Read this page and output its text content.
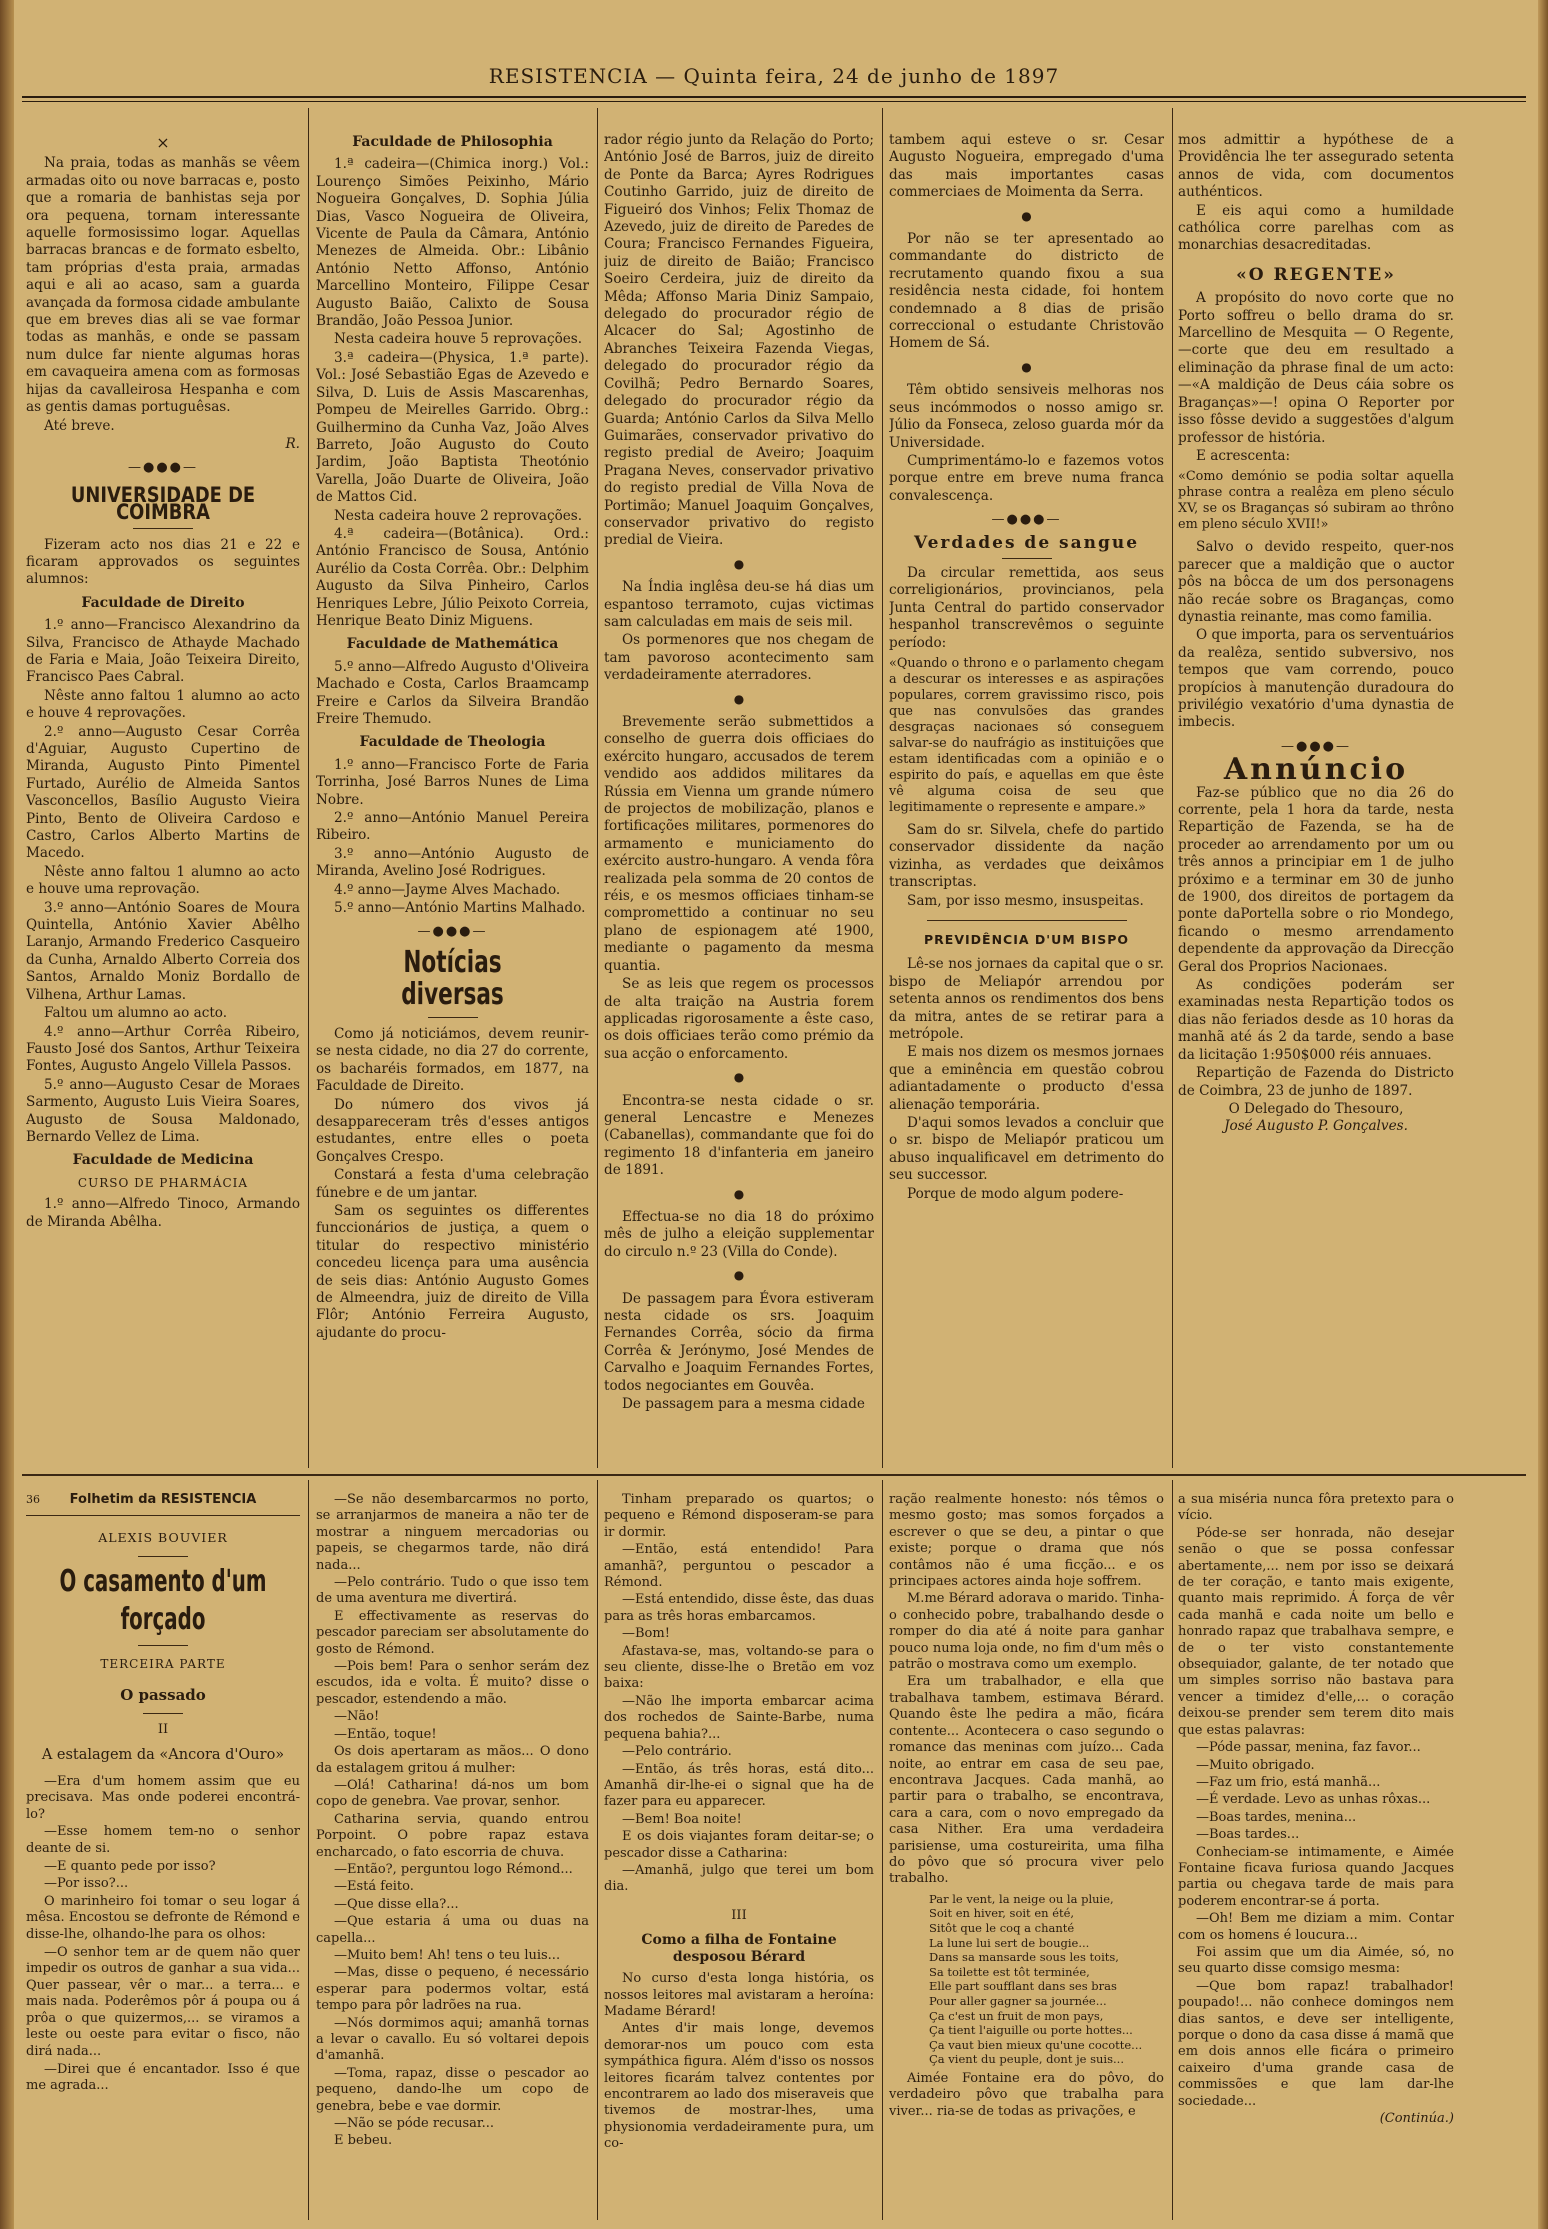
RESISTENCIA — Quinta feira, 24 de junho de 1897
×

Na praia, todas as manhãs se vêem armadas oito ou nove barracas e, posto que a romaria de banhistas seja por ora pequena, tornam interessante aquelle formosissimo logar. Aquellas barracas brancas e de formato esbelto, tam próprias d'esta praia, armadas aqui e ali ao acaso, sam a guarda avançada da formosa cidade ambulante que em breves dias ali se vae formar todas as manhãs, e onde se passam num dulce far niente algumas horas em cavaqueira amena com as formosas hijas da cavalleirosa Hespanha e com as gentis damas portuguêsas.

Até breve.

R.
—●●●—
UNIVERSIDADE DE COIMBRA

Fizeram acto nos dias 21 e 22 e ficaram approvados os seguintes alumnos:

Faculdade de Direito

1.º anno—Francisco Alexandrino da Silva, Francisco de Athayde Machado de Faria e Maia, João Teixeira Direito, Francisco Paes Cabral.

Nêste anno faltou 1 alumno ao acto e houve 4 reprovações.

2.º anno—Augusto Cesar Corrêa d'Aguiar, Augusto Cupertino de Miranda, Augusto Pinto Pimentel Furtado, Aurélio de Almeida Santos Vasconcellos, Basílio Augusto Vieira Pinto, Bento de Oliveira Cardoso e Castro, Carlos Alberto Martins de Macedo.

Nêste anno faltou 1 alumno ao acto e houve uma reprovação.

3.º anno—António Soares de Moura Quintella, António Xavier Abêlho Laranjo, Armando Frederico Casqueiro da Cunha, Arnaldo Alberto Correia dos Santos, Arnaldo Moniz Bordallo de Vilhena, Arthur Lamas.

Faltou um alumno ao acto.

4.º anno—Arthur Corrêa Ribeiro, Fausto José dos Santos, Arthur Teixeira Fontes, Augusto Angelo Villela Passos.

5.º anno—Augusto Cesar de Moraes Sarmento, Augusto Luis Vieira Soares, Augusto de Sousa Maldonado, Bernardo Vellez de Lima.

Faculdade de Medicina
CURSO DE PHARMÁCIA

1.º anno—Alfredo Tinoco, Armando de Miranda Abêlha.

Faculdade de Philosophia

1.ª cadeira—(Chimica inorg.) Vol.: Lourenço Simões Peixinho, Mário Nogueira Gonçalves, D. Sophia Júlia Dias, Vasco Nogueira de Oliveira, Vicente de Paula da Câmara, António Menezes de Almeida. Obr.: Libânio António Netto Affonso, António Marcellino Monteiro, Filippe Cesar Augusto Baião, Calixto de Sousa Brandão, João Pessoa Junior.

Nesta cadeira houve 5 reprovações.

3.ª cadeira—(Physica, 1.ª parte). Vol.: José Sebastião Egas de Azevedo e Silva, D. Luis de Assis Mascarenhas, Pompeu de Meirelles Garrido. Obrg.: Guilhermino da Cunha Vaz, João Alves Barreto, João Augusto do Couto Jardim, João Baptista Theotónio Varella, João Duarte de Oliveira, João de Mattos Cid.

Nesta cadeira houve 2 reprovações.

4.ª cadeira—(Botânica). Ord.: António Francisco de Sousa, António Aurélio da Costa Corrêa. Obr.: Delphim Augusto da Silva Pinheiro, Carlos Henriques Lebre, Júlio Peixoto Correia, Henrique Beato Diniz Miguens.

Faculdade de Mathemática

5.º anno—Alfredo Augusto d'Oliveira Machado e Costa, Carlos Braamcamp Freire e Carlos da Silveira Brandão Freire Themudo.

Faculdade de Theologia

1.º anno—Francisco Forte de Faria Torrinha, José Barros Nunes de Lima Nobre.

2.º anno—António Manuel Pereira Ribeiro.

3.º anno—António Augusto de Miranda, Avelino José Rodrigues.

4.º anno—Jayme Alves Machado.

5.º anno—António Martins Malhado.

—●●●—
Notícias diversas

Como já noticiámos, devem reunir-se nesta cidade, no dia 27 do corrente, os bacharéis formados, em 1877, na Faculdade de Direito.

Do número dos vivos já desappareceram três d'esses antigos estudantes, entre elles o poeta Gonçalves Crespo.

Constará a festa d'uma celebração fúnebre e de um jantar.

Sam os seguintes os differentes funccionários de justiça, a quem o titular do respectivo ministério concedeu licença para uma ausência de seis dias: António Augusto Gomes de Almeendra, juiz de direito de Villa Flôr; António Ferreira Augusto, ajudante do procu-

rador régio junto da Relação do Porto; António José de Barros, juiz de direito de Ponte da Barca; Ayres Rodrigues Coutinho Garrido, juiz de direito de Figueiró dos Vinhos; Felix Thomaz de Azevedo, juiz de direito de Paredes de Coura; Francisco Fernandes Figueira, juiz de direito de Baião; Francisco Soeiro Cerdeira, juiz de direito da Mêda; Affonso Maria Diniz Sampaio, delegado do procurador régio de Alcacer do Sal; Agostinho de Abranches Teixeira Fazenda Viegas, delegado do procurador régio da Covilhã; Pedro Bernardo Soares, delegado do procurador régio da Guarda; António Carlos da Silva Mello Guimarães, conservador privativo do registo predial de Aveiro; Joaquim Pragana Neves, conservador privativo do registo predial de Villa Nova de Portimão; Manuel Joaquim Gonçalves, conservador privativo do registo predial de Vieira.

●

Na Índia inglêsa deu-se há dias um espantoso terramoto, cujas victimas sam calculadas em mais de seis mil.

Os pormenores que nos chegam de tam pavoroso acontecimento sam verdadeiramente aterradores.

●

Brevemente serão submettidos a conselho de guerra dois officiaes do exército hungaro, accusados de terem vendido aos addidos militares da Rússia em Vienna um grande número de projectos de mobilização, planos e fortificações militares, pormenores do armamento e municiamento do exército austro-hungaro. A venda fôra realizada pela somma de 20 contos de réis, e os mesmos officiaes tinham-se compromettido a continuar no seu plano de espionagem até 1900, mediante o pagamento da mesma quantia.

Se as leis que regem os processos de alta traição na Austria forem applicadas rigorosamente a êste caso, os dois officiaes terão como prémio da sua acção o enforcamento.

●

Encontra-se nesta cidade o sr. general Lencastre e Menezes (Cabanellas), commandante que foi do regimento 18 d'infanteria em janeiro de 1891.

●

Effectua-se no dia 18 do próximo mês de julho a eleição supplementar do circulo n.º 23 (Villa do Conde).

●

De passagem para Évora estiveram nesta cidade os srs. Joaquim Fernandes Corrêa, sócio da firma Corrêa & Jerónymo, José Mendes de Carvalho e Joaquim Fernandes Fortes, todos negociantes em Gouvêa.

De passagem para a mesma cidade

tambem aqui esteve o sr. Cesar Augusto Nogueira, empregado d'uma das mais importantes casas commerciaes de Moimenta da Serra.

●

Por não se ter apresentado ao commandante do districto de recrutamento quando fixou a sua residência nesta cidade, foi hontem condemnado a 8 dias de prisão correccional o estudante Christovão Homem de Sá.

●

Têm obtido sensiveis melhoras nos seus incómmodos o nosso amigo sr. Júlio da Fonseca, zeloso guarda mór da Universidade.

Cumprimentámo-lo e fazemos votos porque entre em breve numa franca convalescença.

—●●●—
Verdades de sangue

Da circular remettida, aos seus correligionários, provincianos, pela Junta Central do partido conservador hespanhol transcrevêmos o seguinte período:

«Quando o throno e o parlamento chegam a descurar os interesses e as aspirações populares, correm gravissimo risco, pois que nas convulsões das grandes desgraças nacionaes só conseguem salvar-se do naufrágio as instituições que estam identificadas com a opinião e o espirito do país, e aquellas em que êste vê alguma coisa de seu que legitimamente o represente e ampare.»

Sam do sr. Silvela, chefe do partido conservador dissidente da nação vizinha, as verdades que deixâmos transcriptas.

Sam, por isso mesmo, insuspeitas.

PREVIDÊNCIA D'UM BISPO

Lê-se nos jornaes da capital que o sr. bispo de Meliapór arrendou por setenta annos os rendimentos dos bens da mitra, antes de se retirar para a metrópole.

E mais nos dizem os mesmos jornaes que a eminência em questão cobrou adiantadamente o producto d'essa alienação temporária.

D'aqui somos levados a concluir que o sr. bispo de Meliapór praticou um abuso inqualificavel em detrimento do seu successor.

Porque de modo algum podere-

mos admittir a hypóthese de a Providência lhe ter assegurado setenta annos de vida, com documentos authénticos.

E eis aqui como a humildade cathólica corre parelhas com as monarchias desacreditadas.

«O REGENTE»

A propósito do novo corte que no Porto soffreu o bello drama do sr. Marcellino de Mesquita — O Regente,—corte que deu em resultado a eliminação da phrase final de um acto:—«A maldição de Deus cáia sobre os Braganças»—! opina O Reporter por isso fôsse devido a suggestões d'algum professor de história.

E acrescenta:

«Como demónio se podia soltar aquella phrase contra a realêza em pleno século XV, se os Braganças só subiram ao thrôno em pleno século XVII!»

Salvo o devido respeito, quer-nos parecer que a maldição que o auctor pôs na bôcca de um dos personagens não recáe sobre os Braganças, como dynastia reinante, mas como familia.

O que importa, para os serventuários da realêza, sentido subversivo, nos tempos que vam correndo, pouco propícios à manutenção duradoura do privilégio vexatório d'uma dynastia de imbecis.

—●●●—
Annúncio

Faz-se público que no dia 26 do corrente, pela 1 hora da tarde, nesta Repartição de Fazenda, se ha de proceder ao arrendamento por um ou três annos a principiar em 1 de julho próximo e a terminar em 30 de junho de 1900, dos direitos de portagem da ponte daPortella sobre o rio Mondego, ficando o mesmo arrendamento dependente da approvação da Direcção Geral dos Proprios Nacionaes.

As condições poderám ser examinadas nesta Repartição todos os dias não feriados desde as 10 horas da manhã até ás 2 da tarde, sendo a base da licitação 1:950$000 réis annuaes.

Repartição de Fazenda do Districto de Coimbra, 23 de junho de 1897.

O Delegado do Thesouro,
José Augusto P. Gonçalves.
36	Folhetim da RESISTENCIA
ALEXIS BOUVIER
O casamento d'um forçado
TERCEIRA PARTE
O passado
II
A estalagem da «Ancora d'Ouro»

—Era d'um homem assim que eu precisava. Mas onde poderei encontrá-lo?

—Esse homem tem-no o senhor deante de si.

—E quanto pede por isso?

—Por isso?...

O marinheiro foi tomar o seu logar á mêsa. Encostou se defronte de Rémond e disse-lhe, olhando-lhe para os olhos:

—O senhor tem ar de quem não quer impedir os outros de ganhar a sua vida... Quer passear, vêr o mar... a terra... e mais nada. Poderêmos pôr á poupa ou á prôa o que quizermos,... se viramos a leste ou oeste para evitar o fisco, não dirá nada...

—Direi que é encantador. Isso é que me agrada...

—Se não desembarcarmos no porto, se arranjarmos de maneira a não ter de mostrar a ninguem mercadorias ou papeis, se chegarmos tarde, não dirá nada...

—Pelo contrário. Tudo o que isso tem de uma aventura me divertirá.

E effectivamente as reservas do pescador pareciam ser absolutamente do gosto de Rémond.

—Pois bem! Para o senhor serám dez escudos, ida e volta. É muito? disse o pescador, estendendo a mão.

—Não!

—Então, toque!

Os dois apertaram as mãos... O dono da estalagem gritou á mulher:

—Olá! Catharina! dá-nos um bom copo de genebra. Vae provar, senhor.

Catharina servia, quando entrou Porpoint. O pobre rapaz estava encharcado, o fato escorria de chuva.

—Então?, perguntou logo Rémond...

—Está feito.

—Que disse ella?...

—Que estaria á uma ou duas na capella...

—Muito bem! Ah! tens o teu luis...

—Mas, disse o pequeno, é necessário esperar para podermos voltar, está tempo para pôr ladrões na rua.

—Nós dormimos aqui; amanhã tornas a levar o cavallo. Eu só voltarei depois d'amanhã.

—Toma, rapaz, disse o pescador ao pequeno, dando-lhe um copo de genebra, bebe e vae dormir.

—Não se póde recusar...

E bebeu.

Tinham preparado os quartos; o pequeno e Rémond disposeram-se para ir dormir.

—Então, está entendido! Para amanhã?, perguntou o pescador a Rémond.

—Está entendido, disse êste, das duas para as três horas embarcamos.

—Bom!

Afastava-se, mas, voltando-se para o seu cliente, disse-lhe o Bretão em voz baixa:

—Não lhe importa embarcar acima dos rochedos de Sainte-Barbe, numa pequena bahia?...

—Pelo contrário.

—Então, ás três horas, está dito... Amanhã dir-lhe-ei o signal que ha de fazer para eu apparecer.

—Bem! Boa noite!

E os dois viajantes foram deitar-se; o pescador disse a Catharina:

—Amanhã, julgo que terei um bom dia.

III
Como a filha de Fontaine desposou Bérard

No curso d'esta longa história, os nossos leitores mal avistaram a heroína: Madame Bérard!

Antes d'ir mais longe, devemos demorar-nos um pouco com esta sympáthica figura. Além d'isso os nossos leitores ficarám talvez contentes por encontrarem ao lado dos miseraveis que tivemos de mostrar-lhes, uma physionomia verdadeiramente pura, um co-

ração realmente honesto: nós têmos o mesmo gosto; mas somos forçados a escrever o que se deu, a pintar o que existe; porque o drama que nós contâmos não é uma ficção... e os principaes actores ainda hoje soffrem.

M.me Bérard adorava o marido. Tinha-o conhecido pobre, trabalhando desde o romper do dia até á noite para ganhar pouco numa loja onde, no fim d'um mês o patrão o mostrava como um exemplo.

Era um trabalhador, e ella que trabalhava tambem, estimava Bérard. Quando êste lhe pedira a mão, ficára contente... Acontecera o caso segundo o romance das meninas com juízo... Cada noite, ao entrar em casa de seu pae, encontrava Jacques. Cada manhã, ao partir para o trabalho, se encontrava, cara a cara, com o novo empregado da casa Nither. Era uma verdadeira parisiense, uma costureirita, uma filha do pôvo que só procura viver pelo trabalho.

Par le vent, la neige ou la pluie,
Soit en hiver, soit en été,
Sitôt que le coq a chanté
La lune lui sert de bougie...
Dans sa mansarde sous les toits,
Sa toilette est tôt terminée,
Elle part soufflant dans ses bras
Pour aller gagner sa journée...
Ça c'est un fruit de mon pays,
Ça tient l'aiguille ou porte hottes...
Ça vaut bien mieux qu'une cocotte...
Ça vient du peuple, dont je suis...

Aimée Fontaine era do pôvo, do verdadeiro pôvo que trabalha para viver... ria-se de todas as privações, e

a sua miséria nunca fôra pretexto para o vício.

Póde-se ser honrada, não desejar senão o que se possa confessar abertamente,... nem por isso se deixará de ter coração, e tanto mais exigente, quanto mais reprimido. Á força de vêr cada manhã e cada noite um bello e honrado rapaz que trabalhava sempre, e de o ter visto constantemente obsequiador, galante, de ter notado que um simples sorriso não bastava para vencer a timidez d'elle,... o coração deixou-se prender sem terem dito mais que estas palavras:

—Póde passar, menina, faz favor...

—Muito obrigado.

—Faz um frio, está manhã...

—É verdade. Levo as unhas rôxas...

—Boas tardes, menina...

—Boas tardes...

Conheciam-se intimamente, e Aimée Fontaine ficava furiosa quando Jacques partia ou chegava tarde de mais para poderem encontrar-se á porta.

—Oh! Bem me diziam a mim. Contar com os homens é loucura...

Foi assim que um dia Aimée, só, no seu quarto disse comsigo mesma:

—Que bom rapaz! trabalhador! poupado!... não conhece domingos nem dias santos, e deve ser intelligente, porque o dono da casa disse á mamã que em dois annos elle ficára o primeiro caixeiro d'uma grande casa de commissões e que lam dar-lhe sociedade...

(Continúa.)
